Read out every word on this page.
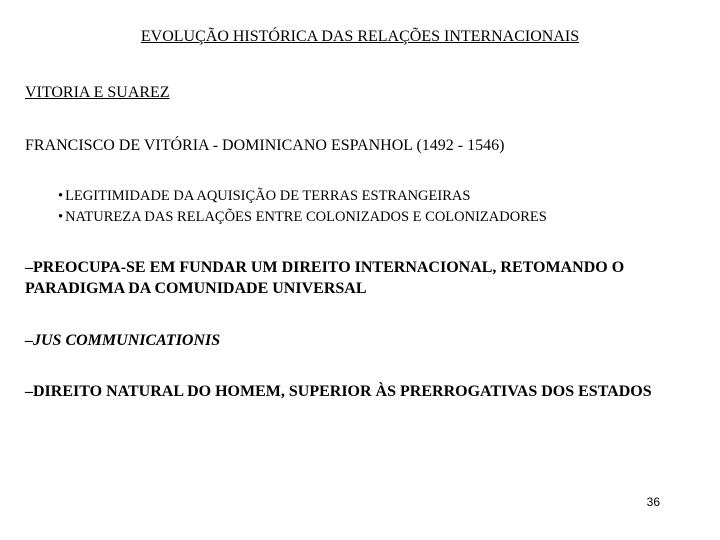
EVOLUÇÃO HISTÓRICA DAS RELAÇÕES INTERNACIONAIS
VITORIA E SUAREZ
FRANCISCO DE VITÓRIA - DOMINICANO ESPANHOL (1492 - 1546)
• LEGITIMIDADE DA AQUISIÇÃO DE TERRAS ESTRANGEIRAS
• NATUREZA DAS RELAÇÕES ENTRE COLONIZADOS E COLONIZADORES
–PREOCUPA-SE EM FUNDAR UM DIREITO INTERNACIONAL, RETOMANDO O PARADIGMA DA COMUNIDADE UNIVERSAL
–JUS COMMUNICATIONIS
–DIREITO NATURAL DO HOMEM, SUPERIOR ÀS PRERROGATIVAS DOS ESTADOS
36
